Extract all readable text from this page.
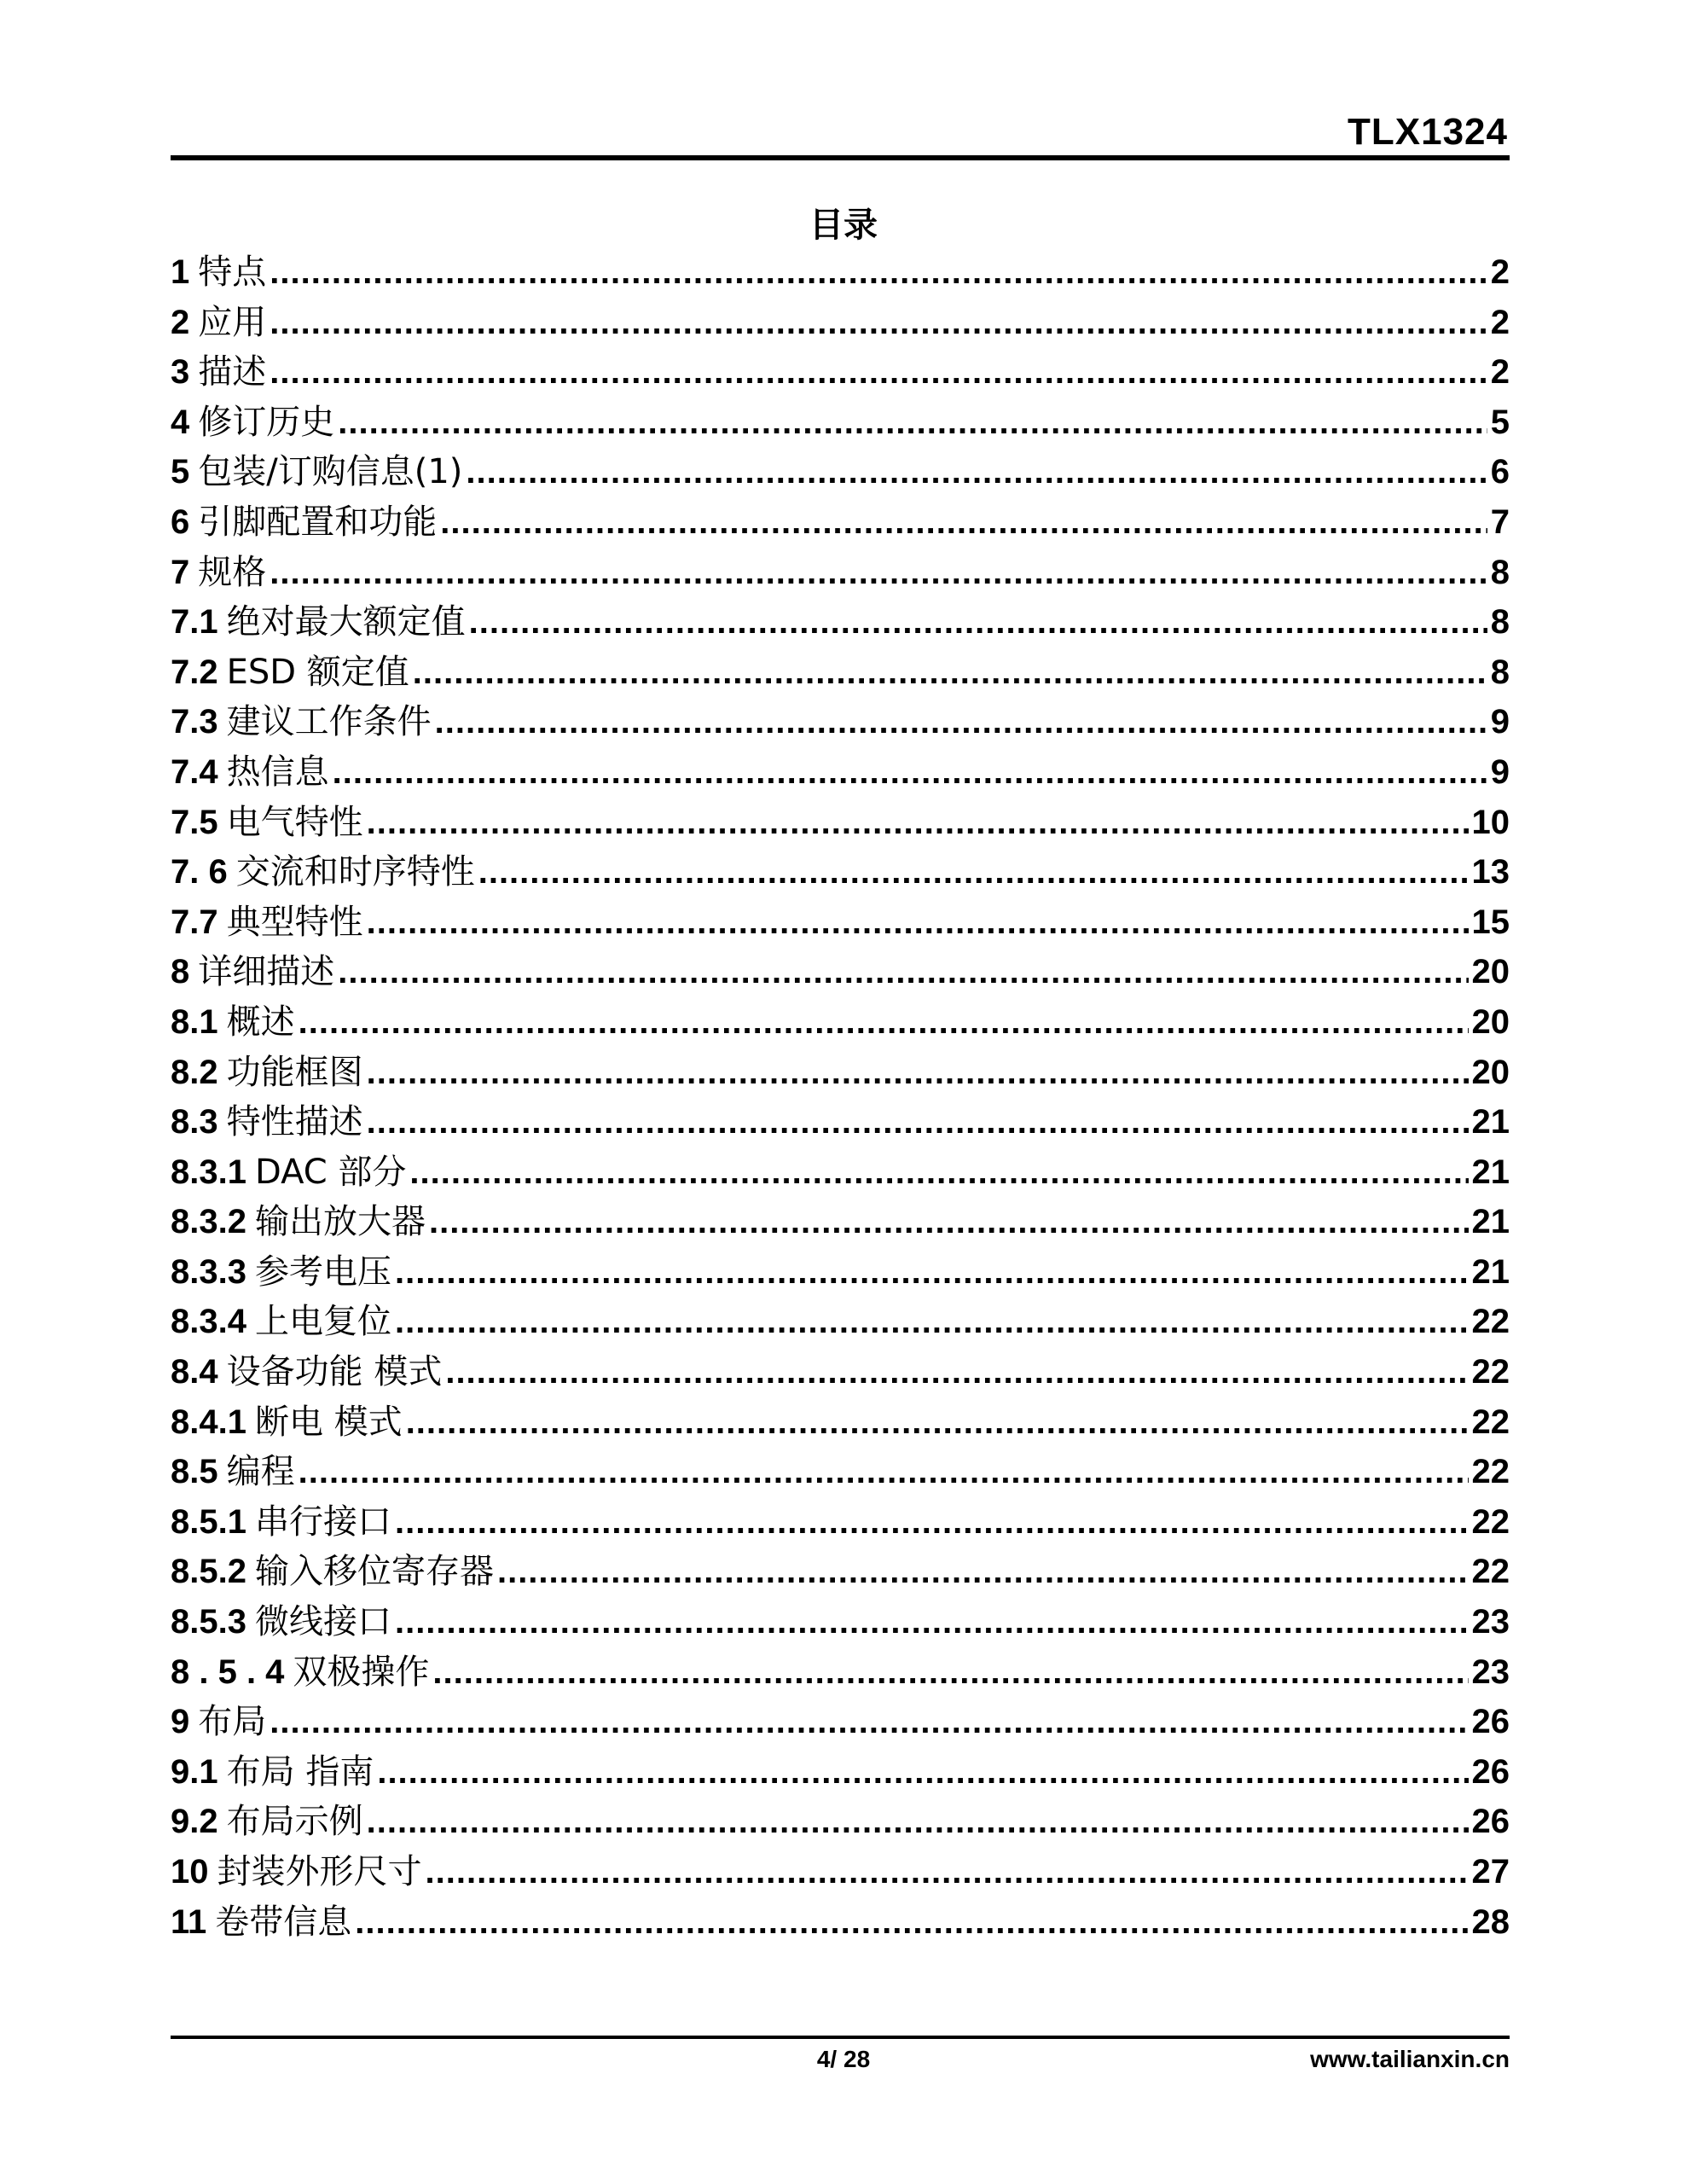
TLX1324
目录
1 特点 .....	2
2 应用 .....	2
3 描述 .....	2
4 修订历史 .....	5
5 包装/订购信息(1) .....	6
6 引脚配置和功能 .....	7
7 规格 .....	8
7.1 绝对最大额定值 .....	8
7.2 ESD 额定值 .....	8
7.3 建议工作条件 .....	9
7.4 热信息 .....	9
7.5 电气特性 .....	10
7. 6 交流和时序特性 .....	13
7.7 典型特性 .....	15
8 详细描述 .....	20
8.1 概述 .....	20
8.2 功能框图 .....	20
8.3 特性描述 .....	21
8.3.1 DAC 部分 .....	21
8.3.2 输出放大器 .....	21
8.3.3 参考电压 .....	21
8.3.4 上电复位 .....	22
8.4 设备功能 模式 .....	22
8.4.1 断电 模式 .....	22
8.5 编程 .....	22
8.5.1 串行接口 .....	22
8.5.2 输入移位寄存器 .....	22
8.5.3 微线接口 .....	23
8 . 5 . 4 双极操作 .....	23
9 布局 .....	26
9.1 布局 指南 .....	26
9.2 布局示例 .....	26
10 封装外形尺寸 .....	27
11 卷带信息 .....	28
4/ 28	www.tailianxin.cn
